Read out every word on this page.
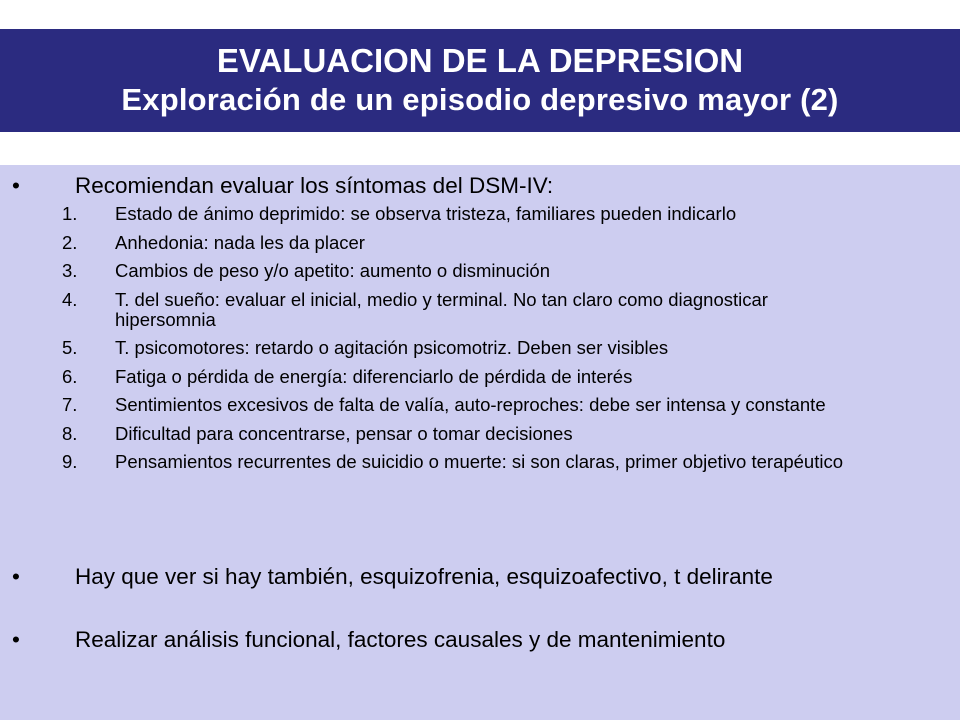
EVALUACION DE LA DEPRESION
Exploración de un episodio depresivo mayor (2)
• Recomiendan evaluar los síntomas del DSM-IV:
1. Estado de ánimo deprimido: se observa tristeza, familiares pueden indicarlo
2. Anhedonia: nada les da placer
3. Cambios de peso y/o apetito: aumento o disminución
4. T. del sueño: evaluar el inicial, medio y terminal. No tan claro como diagnosticar hipersomnia
5. T. psicomotores: retardo o agitación psicomotriz. Deben ser visibles
6. Fatiga o pérdida de energía: diferenciarlo de pérdida de interés
7. Sentimientos excesivos de falta de valía, auto-reproches: debe ser intensa y constante
8. Dificultad para concentrarse, pensar o tomar decisiones
9. Pensamientos recurrentes de suicidio o muerte: si son claras, primer objetivo terapéutico
• Hay que ver si hay también, esquizofrenia, esquizoafectivo, t delirante
• Realizar análisis funcional, factores causales y de mantenimiento
